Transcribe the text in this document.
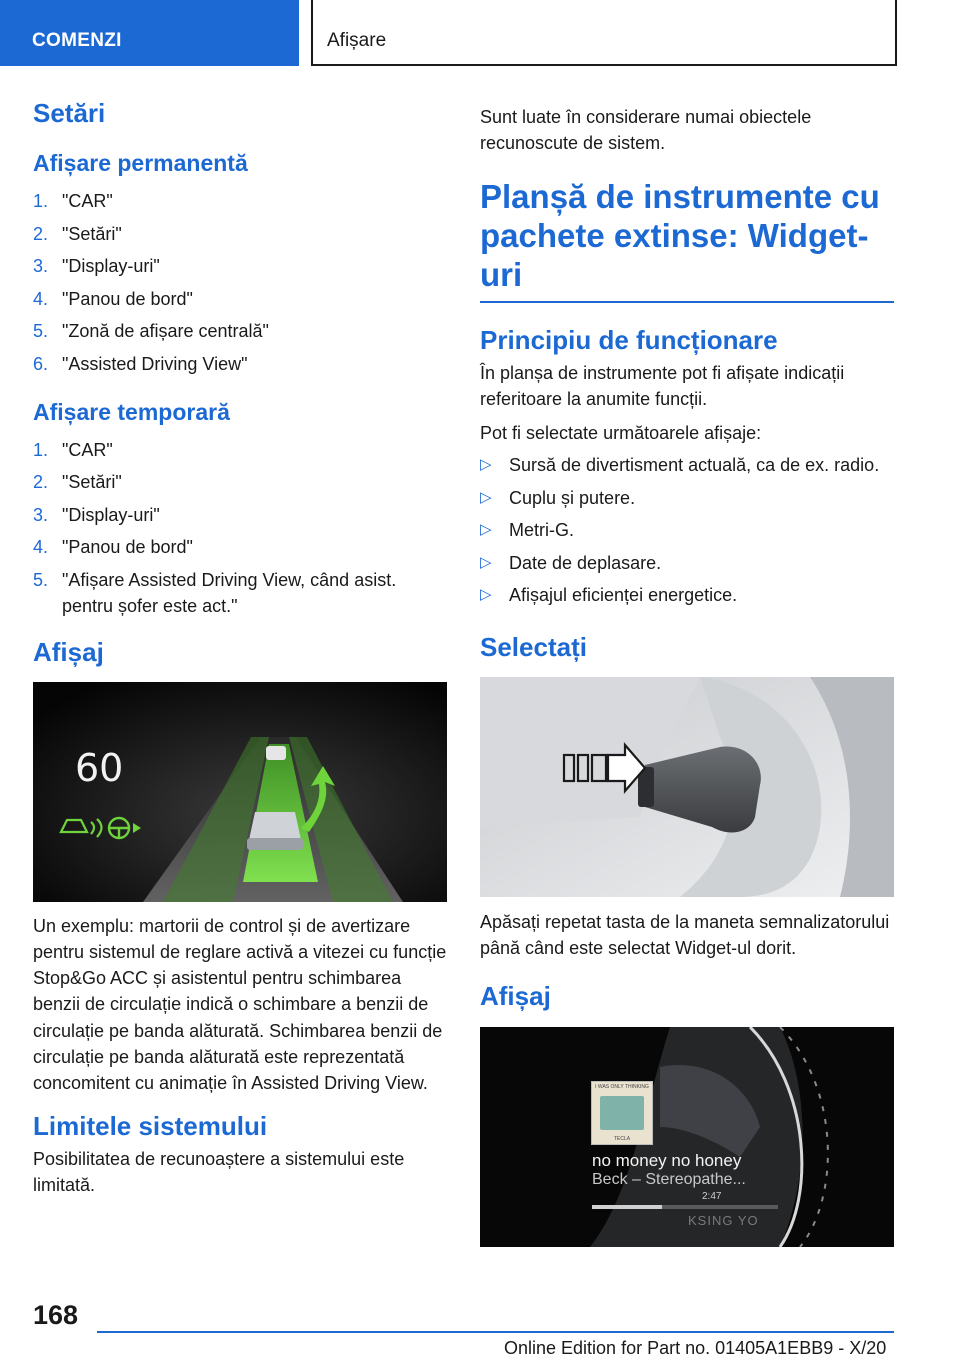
COMENZI	Afișare
Setări
Afișare permanentă
1. "CAR"
2. "Setări"
3. "Display-uri"
4. "Panou de bord"
5. "Zonă de afișare centrală"
6. "Assisted Driving View"
Afișare temporară
1. "CAR"
2. "Setări"
3. "Display-uri"
4. "Panou de bord"
5. "Afișare Assisted Driving View, când asist. pentru șofer este act."
Afișaj
60

Un exemplu: martorii de control și de avertizare pentru sistemul de reglare activă a vitezei cu funcție Stop&Go ACC și asistentul pentru schimbarea benzii de circulație indică o schimbare a benzii de circulație pe banda alăturată. Schimbarea benzii de circulație pe banda alăturată este reprezentată concomitent cu animație în Assisted Driving View.

Limitele sistemului

Posibilitatea de recunoaștere a sistemului este limitată.

Sunt luate în considerare numai obiectele recunoscute de sistem.

Planșă de instrumente cu pachete extinse: Widget-uri
Principiu de funcționare

În planșa de instrumente pot fi afișate indicații referitoare la anumite funcții.

Pot fi selectate următoarele afișaje:

▷ Sursă de divertisment actuală, ca de ex. radio.
▷ Cuplu și putere.
▷ Metri-G.
▷ Date de deplasare.
▷ Afișajul eficienței energetice.
Selectați

Apăsați repetat tasta de la maneta semnalizatorului până când este selectat Widget-ul dorit.

Afișaj
I WAS ONLY THINKING
TECLA
no money no honey
Beck – Stereopathe...
2:47
KSING YO
168
Online Edition for Part no. 01405A1EBB9 - X/20
